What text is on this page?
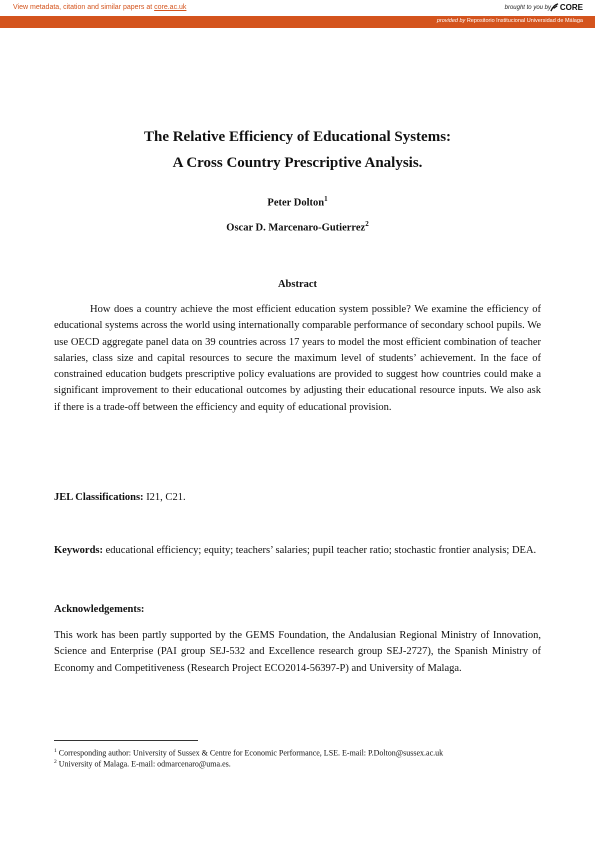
View metadata, citation and similar papers at core.ac.uk	brought to you by CORE
provided by Repositorio Institucional Universidad de Málaga
The Relative Efficiency of Educational Systems:
A Cross Country Prescriptive Analysis.
Peter Dolton$^1$
Oscar D. Marcenaro-Gutierrez$^2$
Abstract

How does a country achieve the most efficient education system possible? We examine the efficiency of educational systems across the world using internationally comparable performance of secondary school pupils. We use OECD aggregate panel data on 39 countries across 17 years to model the most efficient combination of teacher salaries, class size and capital resources to secure the maximum level of students’ achievement. In the face of constrained education budgets prescriptive policy evaluations are provided to suggest how countries could make a significant improvement to their educational outcomes by adjusting their educational resource inputs. We also ask if there is a trade-off between the efficiency and equity of educational provision.

JEL Classifications: I21, C21.

Keywords: educational efficiency; equity; teachers’ salaries; pupil teacher ratio; stochastic frontier analysis; DEA.

Acknowledgements:

This work has been partly supported by the GEMS Foundation, the Andalusian Regional Ministry of Innovation, Science and Enterprise (PAI group SEJ-532 and Excellence research group SEJ-2727), the Spanish Ministry of Economy and Competitiveness (Research Project ECO2014-56397-P) and University of Malaga.

$^1$ Corresponding author: University of Sussex & Centre for Economic Performance, LSE. E-mail: P.Dolton@sussex.ac.uk
$^2$ University of Malaga. E-mail: odmarcenaro@uma.es.
